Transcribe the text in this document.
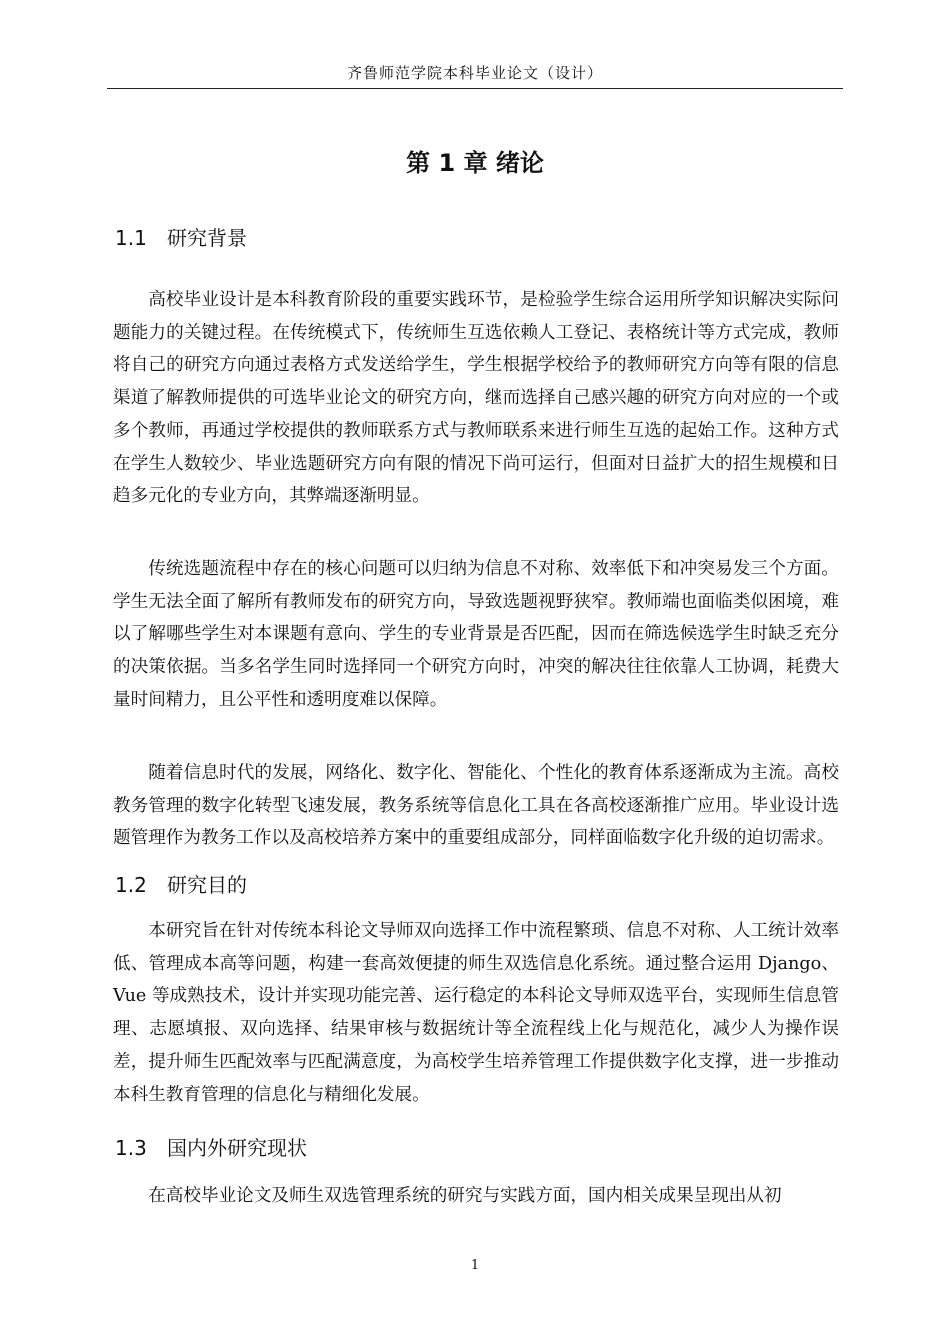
齐鲁师范学院本科毕业论文（设计）
第 1 章 绪论
1.1 研究背景

高校毕业设计是本科教育阶段的重要实践环节，是检验学生综合运用所学知识解决实际问题能力的关键过程。在传统模式下，传统师生互选依赖人工登记、表格统计等方式完成，教师将自己的研究方向通过表格方式发送给学生，学生根据学校给予的教师研究方向等有限的信息渠道了解教师提供的可选毕业论文的研究方向，继而选择自己感兴趣的研究方向对应的一个或多个教师，再通过学校提供的教师联系方式与教师联系来进行师生互选的起始工作。这种方式在学生人数较少、毕业选题研究方向有限的情况下尚可运行，但面对日益扩大的招生规模和日趋多元化的专业方向，其弊端逐渐明显。

传统选题流程中存在的核心问题可以归纳为信息不对称、效率低下和冲突易发三个方面。学生无法全面了解所有教师发布的研究方向，导致选题视野狭窄。教师端也面临类似困境，难以了解哪些学生对本课题有意向、学生的专业背景是否匹配，因而在筛选候选学生时缺乏充分的决策依据。当多名学生同时选择同一个研究方向时，冲突的解决往往依靠人工协调，耗费大量时间精力，且公平性和透明度难以保障。

随着信息时代的发展，网络化、数字化、智能化、个性化的教育体系逐渐成为主流。高校教务管理的数字化转型飞速发展，教务系统等信息化工具在各高校逐渐推广应用。毕业设计选题管理作为教务工作以及高校培养方案中的重要组成部分，同样面临数字化升级的迫切需求。

1.2 研究目的

本研究旨在针对传统本科论文导师双向选择工作中流程繁琐、信息不对称、人工统计效率低、管理成本高等问题，构建一套高效便捷的师生双选信息化系统。通过整合运用 Django、Vue 等成熟技术，设计并实现功能完善、运行稳定的本科论文导师双选平台，实现师生信息管理、志愿填报、双向选择、结果审核与数据统计等全流程线上化与规范化，减少人为操作误差，提升师生匹配效率与匹配满意度，为高校学生培养管理工作提供数字化支撑，进一步推动本科生教育管理的信息化与精细化发展。

1.3 国内外研究现状

在高校毕业论文及师生双选管理系统的研究与实践方面，国内相关成果呈现出从初

1
